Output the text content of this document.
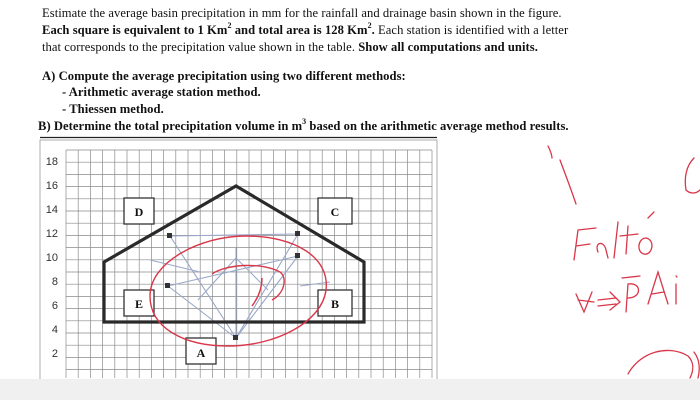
Estimate the average basin precipitation in mm for the rainfall and drainage basin shown in the figure.
Each square is equivalent to 1 Km$^2$ and total area is 128 Km$^2$. Each station is identified with a letter
that corresponds to the precipitation value shown in the table. Show all computations and units.
A) Compute the average precipitation using two different methods:
- Arithmetic average station method.
- Thiessen method.
B) Determine the total precipitation volume in $m^3$ based on the arithmetic average method results.
18
16
14
12
10
8
6
4
2
D	C
E	B
A
